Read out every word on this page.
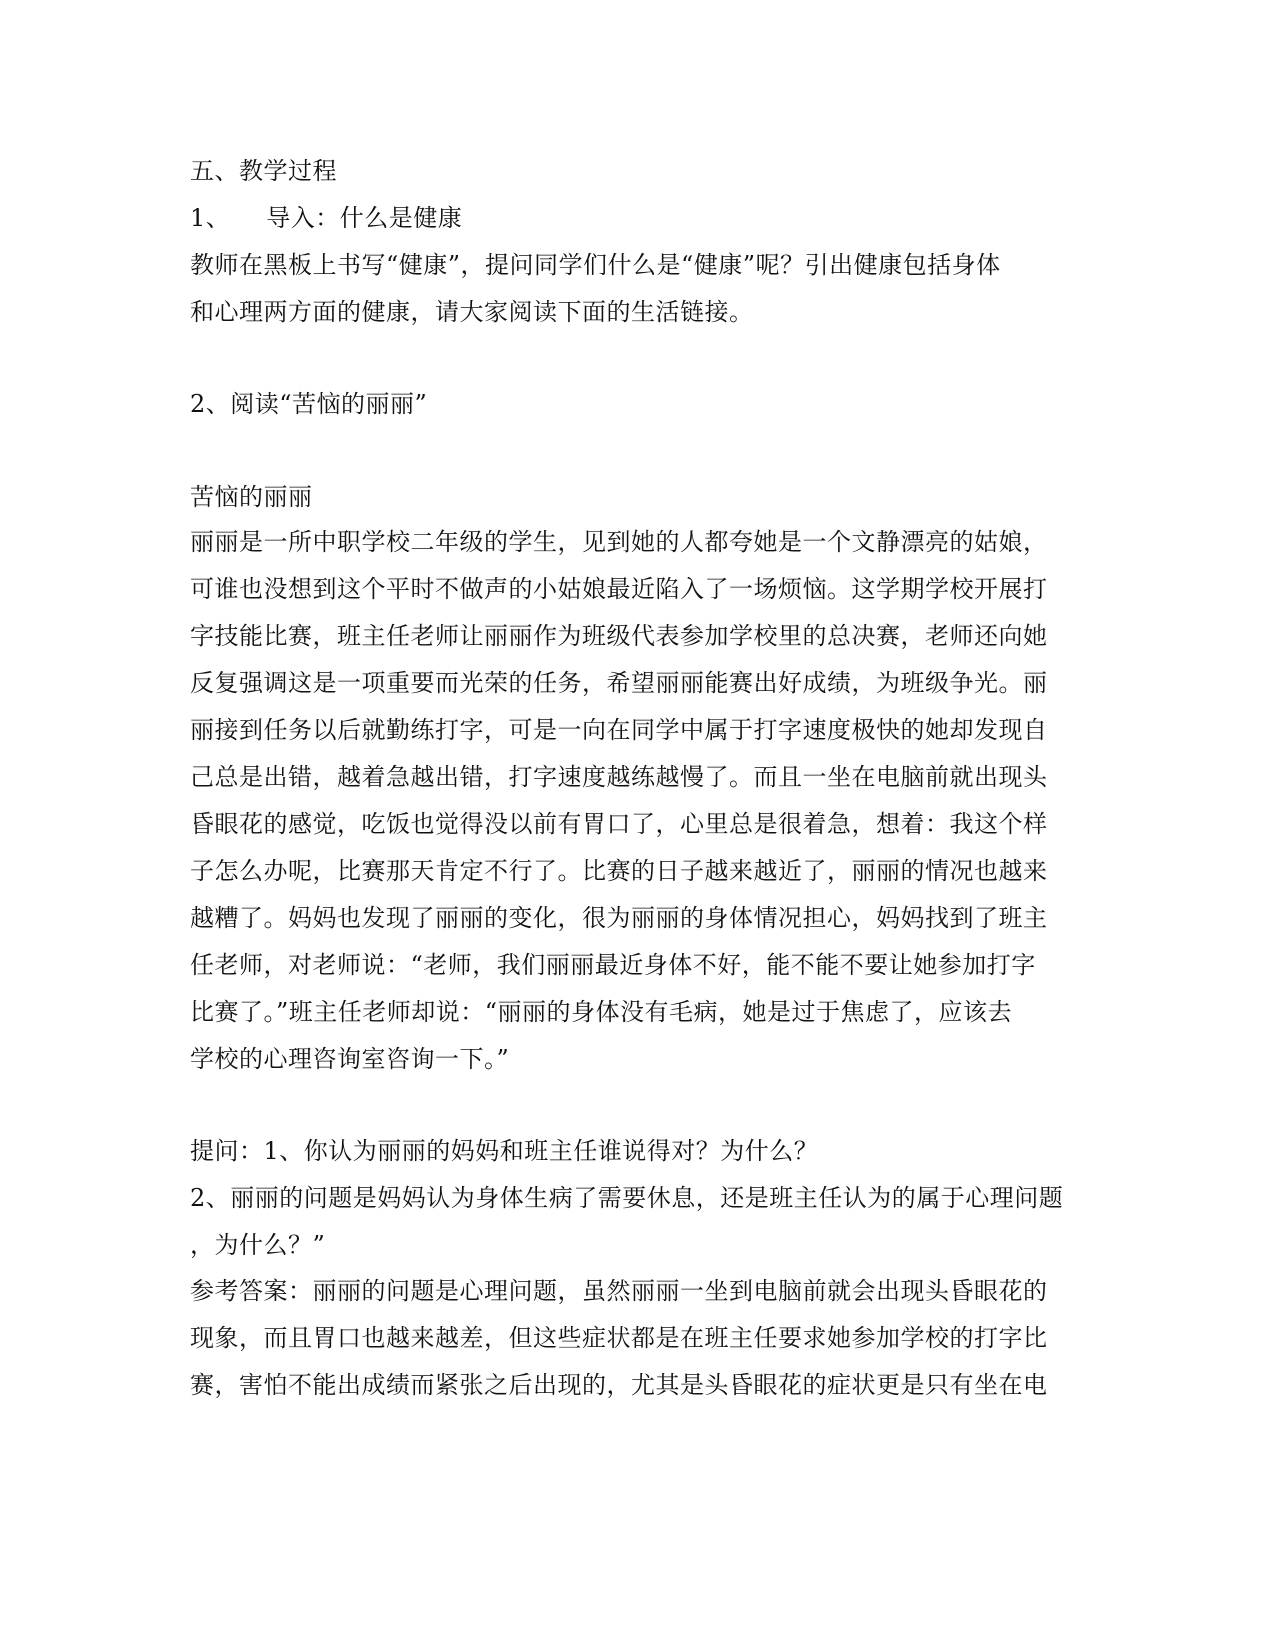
五、教学过程
1、 导入：什么是健康
教师在黑板上书写“健康”，提问同学们什么是“健康”呢？引出健康包括身体
和心理两方面的健康，请大家阅读下面的生活链接。
2、阅读“苦恼的丽丽”
苦恼的丽丽
丽丽是一所中职学校二年级的学生，见到她的人都夸她是一个文静漂亮的姑娘，
可谁也没想到这个平时不做声的小姑娘最近陷入了一场烦恼。这学期学校开展打
字技能比赛，班主任老师让丽丽作为班级代表参加学校里的总决赛，老师还向她
反复强调这是一项重要而光荣的任务，希望丽丽能赛出好成绩，为班级争光。丽
丽接到任务以后就勤练打字，可是一向在同学中属于打字速度极快的她却发现自
己总是出错，越着急越出错，打字速度越练越慢了。而且一坐在电脑前就出现头
昏眼花的感觉，吃饭也觉得没以前有胃口了，心里总是很着急，想着：我这个样
子怎么办呢，比赛那天肯定不行了。比赛的日子越来越近了，丽丽的情况也越来
越糟了。妈妈也发现了丽丽的变化，很为丽丽的身体情况担心，妈妈找到了班主
任老师，对老师说：“老师，我们丽丽最近身体不好，能不能不要让她参加打字
比赛了。”班主任老师却说：“丽丽的身体没有毛病，她是过于焦虑了，应该去
学校的心理咨询室咨询一下。”
提问：1、你认为丽丽的妈妈和班主任谁说得对？为什么？
2、丽丽的问题是妈妈认为身体生病了需要休息，还是班主任认为的属于心理问题
，为什么？”
参考答案：丽丽的问题是心理问题，虽然丽丽一坐到电脑前就会出现头昏眼花的
现象，而且胃口也越来越差，但这些症状都是在班主任要求她参加学校的打字比
赛，害怕不能出成绩而紧张之后出现的，尤其是头昏眼花的症状更是只有坐在电
